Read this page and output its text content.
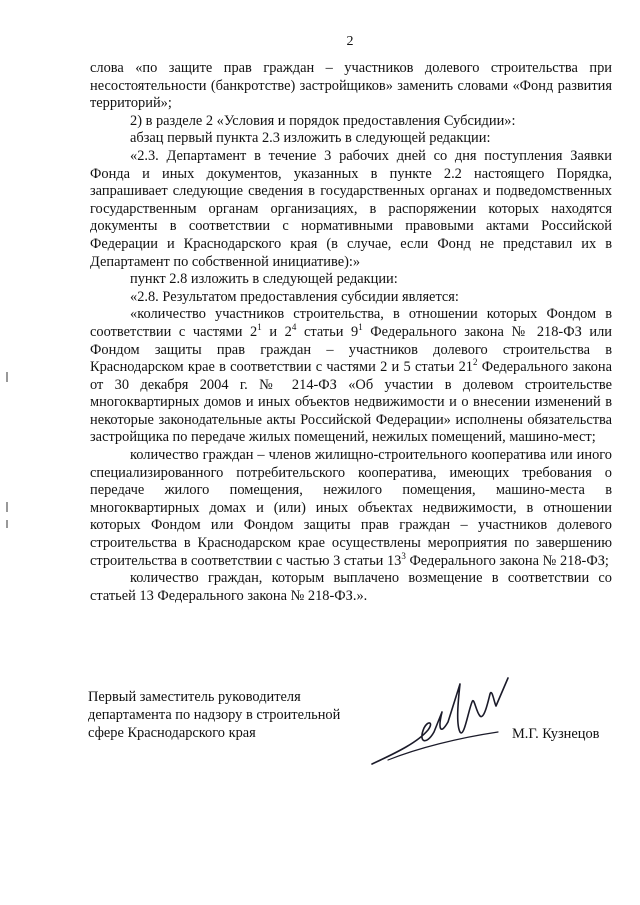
2

слова «по защите прав граждан – участников долевого строительства при несостоятельности (банкротстве) застройщиков» заменить словами «Фонд развития территорий»;

2) в разделе 2 «Условия и порядок предоставления Субсидии»:

абзац первый пункта 2.3 изложить в следующей редакции:

«2.3. Департамент в течение 3 рабочих дней со дня поступления Заявки Фонда и иных документов, указанных в пункте 2.2 настоящего Порядка, запрашивает следующие сведения в государственных органах и подведомственных государственным органам организациях, в распоряжении которых находятся документы в соответствии с нормативными правовыми актами Российской Федерации и Краснодарского края (в случае, если Фонд не представил их в Департамент по собственной инициативе):»

пункт 2.8 изложить в следующей редакции:

«2.8. Результатом предоставления субсидии является:

«количество участников строительства, в отношении которых Фондом в соответствии с частями $2^1$ и $2^4$ статьи $9^1$ Федерального закона № 218-ФЗ или Фондом защиты прав граждан – участников долевого строительства в Краснодарском крае в соответствии с частями 2 и 5 статьи $21^2$ Федерального закона от 30 декабря 2004 г. № 214-ФЗ «Об участии в долевом строительстве многоквартирных домов и иных объектов недвижимости и о внесении изменений в некоторые законодательные акты Российской Федерации» исполнены обязательства застройщика по передаче жилых помещений, нежилых помещений, машино-мест;

количество граждан – членов жилищно-строительного кооператива или иного специализированного потребительского кооператива, имеющих требования о передаче жилого помещения, нежилого помещения, машино-места в многоквартирных домах и (или) иных объектах недвижимости, в отношении которых Фондом или Фондом защиты прав граждан – участников долевого строительства в Краснодарском крае осуществлены мероприятия по завершению строительства в соответствии с частью 3 статьи $13^3$ Федерального закона № 218-ФЗ;

количество граждан, которым выплачено возмещение в соответствии со статьей 13 Федерального закона № 218-ФЗ.».

Первый заместитель руководителя
департамента по надзору в строительной
сфере Краснодарского края	М.Г. Кузнецов
